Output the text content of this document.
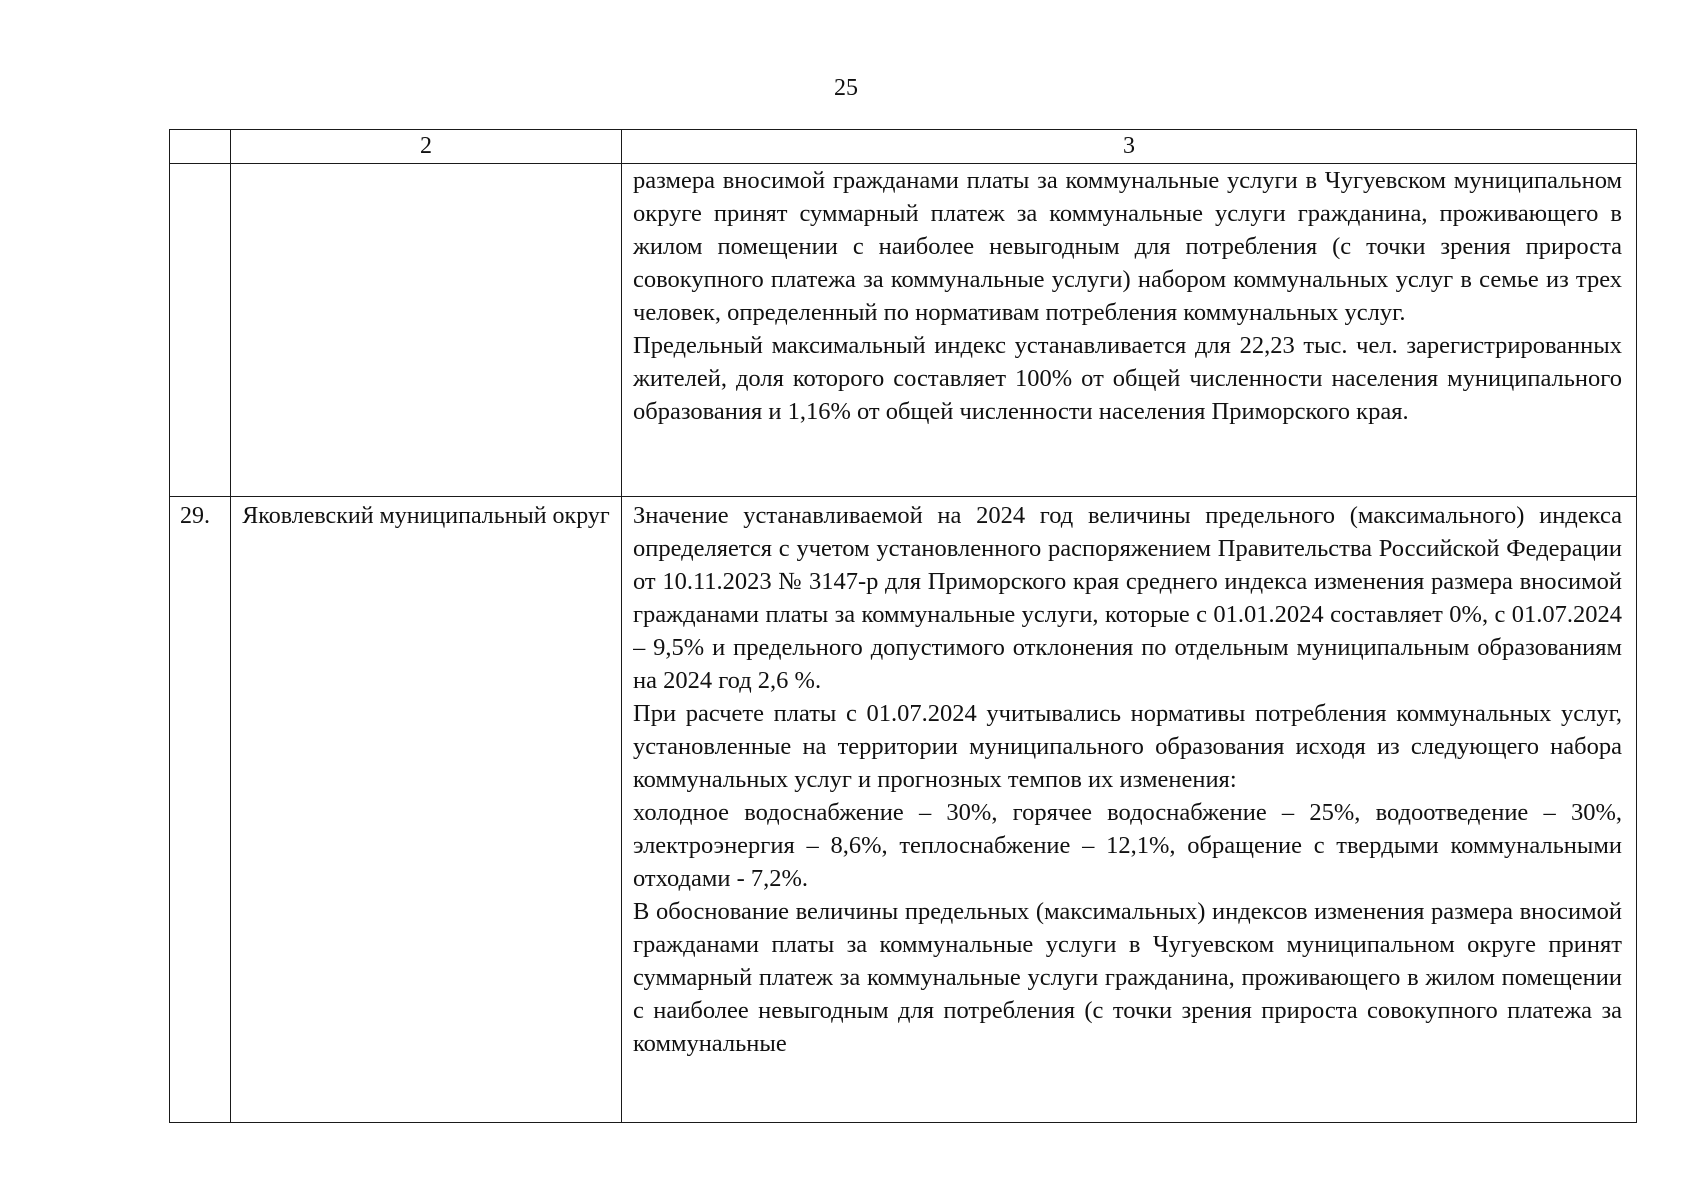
25
	2	3

		размера вносимой гражданами платы за коммунальные услуги в Чугуевском муниципальном округе принят суммарный платеж за коммунальные услуги гражданина, проживающего в жилом помещении с наиболее невыгодным для потребления (с точки зрения прироста совокупного платежа за коммунальные услуги) набором коммунальных услуг в семье из трех человек, определенный по нормативам потребления коммунальных услуг.

Предельный максимальный индекс устанавливается для 22,23 тыс. чел. зарегистрированных жителей, доля которого составляет 100% от общей численности населения муниципального образования и 1,16% от общей численности населения Приморского края.

29.	Яковлевский муниципальный округ	Значение устанавливаемой на 2024 год величины предельного (максимального) индекса определяется с учетом установленного распоряжением Правительства Российской Федерации от 10.11.2023 № 3147-р для Приморского края среднего индекса изменения размера вносимой гражданами платы за коммунальные услуги, которые с 01.01.2024 составляет 0%, с 01.07.2024 – 9,5% и предельного допустимого отклонения по отдельным муниципальным образованиям на 2024 год 2,6 %.

При расчете платы с 01.07.2024 учитывались нормативы потребления коммунальных услуг, установленные на территории муниципального образования исходя из следующего набора коммунальных услуг и прогнозных темпов их изменения:

холодное водоснабжение – 30%, горячее водоснабжение – 25%, водоотведение – 30%, электроэнергия – 8,6%, теплоснабжение – 12,1%, обращение с твердыми коммунальными отходами - 7,2%.

В обоснование величины предельных (максимальных) индексов изменения размера вносимой гражданами платы за коммунальные услуги в Чугуевском муниципальном округе принят суммарный платеж за коммунальные услуги гражданина, проживающего в жилом помещении с наиболее невыгодным для потребления (с точки зрения прироста совокупного платежа за коммунальные
